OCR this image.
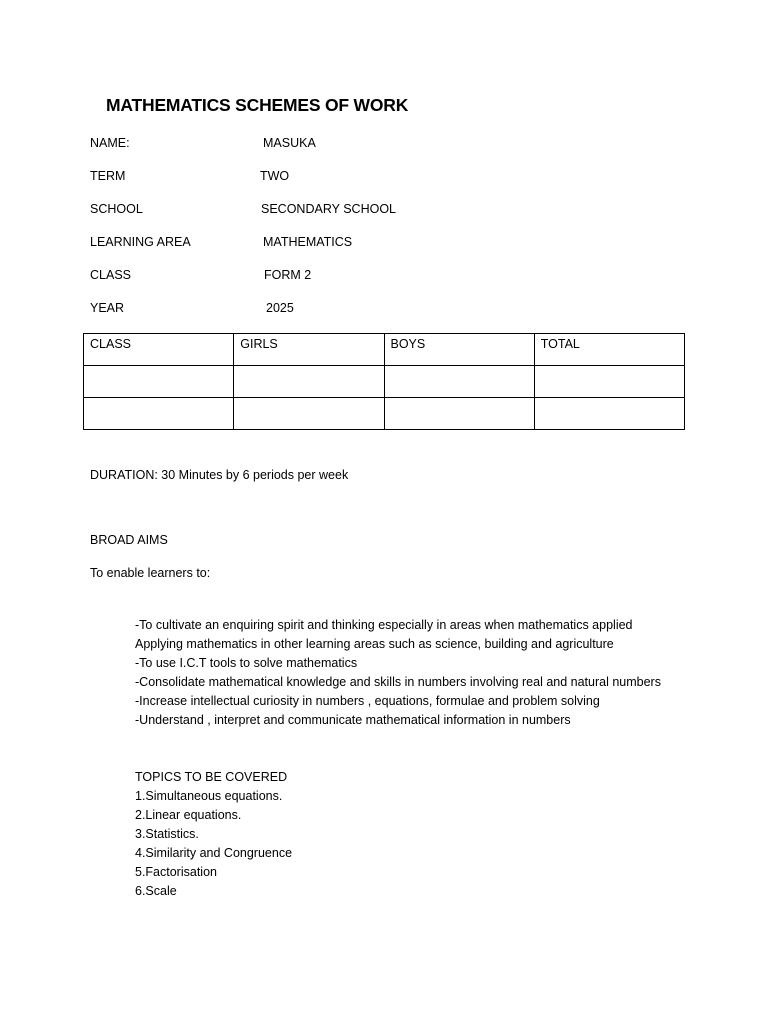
MATHEMATICS SCHEMES OF WORK
NAME:	MASUKA
TERM	TWO
SCHOOL	SECONDARY SCHOOL
LEARNING AREA	MATHEMATICS
CLASS	FORM 2
YEAR	2025
CLASS	GIRLS	BOYS	TOTAL

DURATION: 30 Minutes by 6 periods per week
BROAD AIMS
To enable learners to:
-To cultivate an enquiring spirit and thinking especially in areas when mathematics applied
Applying mathematics in other learning areas such as science, building and agriculture
-To use I.C.T tools to solve mathematics
-Consolidate mathematical knowledge and skills in numbers involving real and natural numbers
-Increase intellectual curiosity in numbers , equations, formulae and problem solving
-Understand , interpret and communicate mathematical information in numbers
TOPICS TO BE COVERED
1.Simultaneous equations.
2.Linear equations.
3.Statistics.
4.Similarity and Congruence
5.Factorisation
6.Scale
